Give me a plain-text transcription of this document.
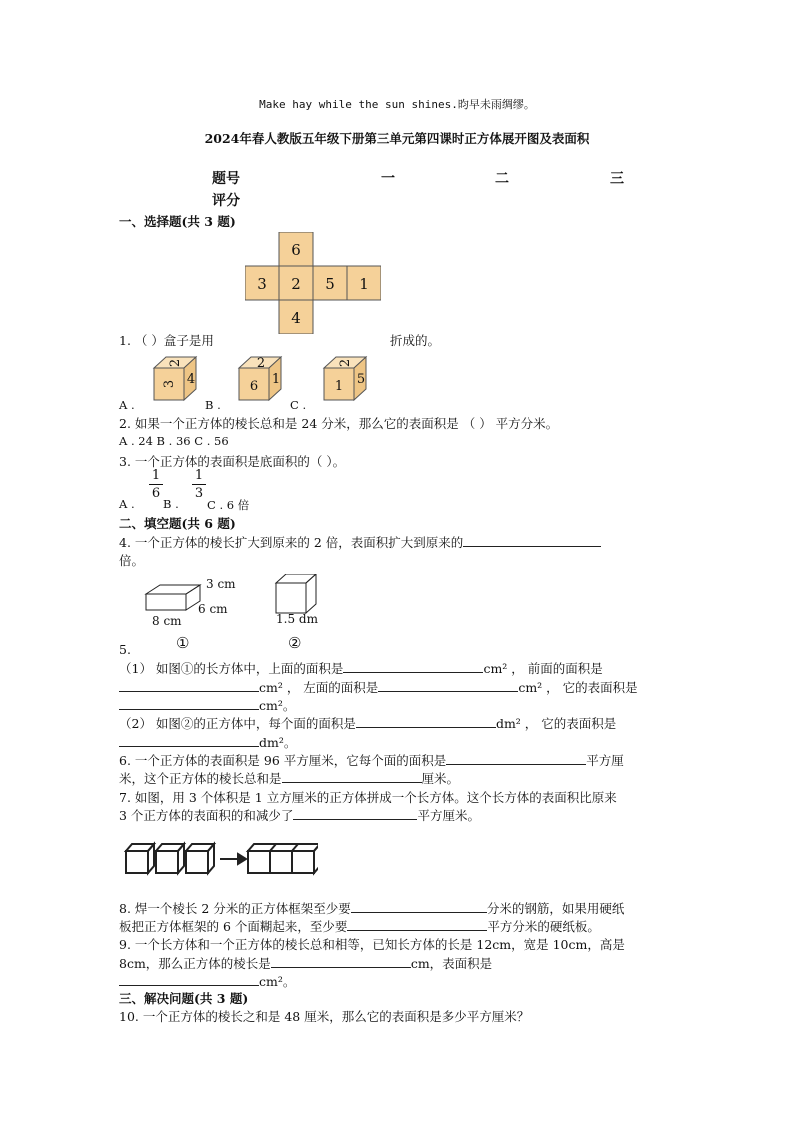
Make hay while the sun shines.昀早未雨绸缪。
2024年春人教版五年级下册第三单元第四课时正方体展开图及表面积
题号	一	二	三
评分
一、选择题(共 3 题)
6
3 2 5 1
4
1. （ ）盒子是用	折成的。
2
3 4
2
6 1
2
1 5
A .	B .	C .
2. 如果一个正方体的棱长总和是 24 分米，那么它的表面积是 （ ） 平方分米。
A . 24 B . 36 C . 56
3. 一个正方体的表面积是底面积的（ ）。
1
6
1
3
A . B . C . 6 倍
二、填空题(共 6 题)
4. 一个正方体的棱长扩大到原来的 2 倍，表面积扩大到原来的
倍。
3 cm
6 cm
8 cm	1.5 dm
①	②
5.
（1） 如图①的长方体中，上面的面积是	cm² ， 前面的面积是
cm² ， 左面的面积是	cm² ， 它的表面积是
cm²。
（2） 如图②的正方体中，每个面的面积是	dm² ， 它的表面积是
dm²。
6. 一个正方体的表面积是 96 平方厘米，它每个面的面积是	平方厘
米，这个正方体的棱长总和是	厘米。
7. 如图，用 3 个体积是 1 立方厘米的正方体拼成一个长方体。这个长方体的表面积比原来
3 个正方体的表面积的和减少了	平方厘米。
8. 焊一个棱长 2 分米的正方体框架至少要	分米的钢筋，如果用硬纸
板把正方体框架的 6 个面糊起来，至少要	平方分米的硬纸板。
9. 一个长方体和一个正方体的棱长总和相等，已知长方体的长是 12cm，宽是 10cm，高是
8cm，那么正方体的棱长是	cm，表面积是
cm²。
三、解决问题(共 3 题)
10. 一个正方体的棱长之和是 48 厘米，那么它的表面积是多少平方厘米？
